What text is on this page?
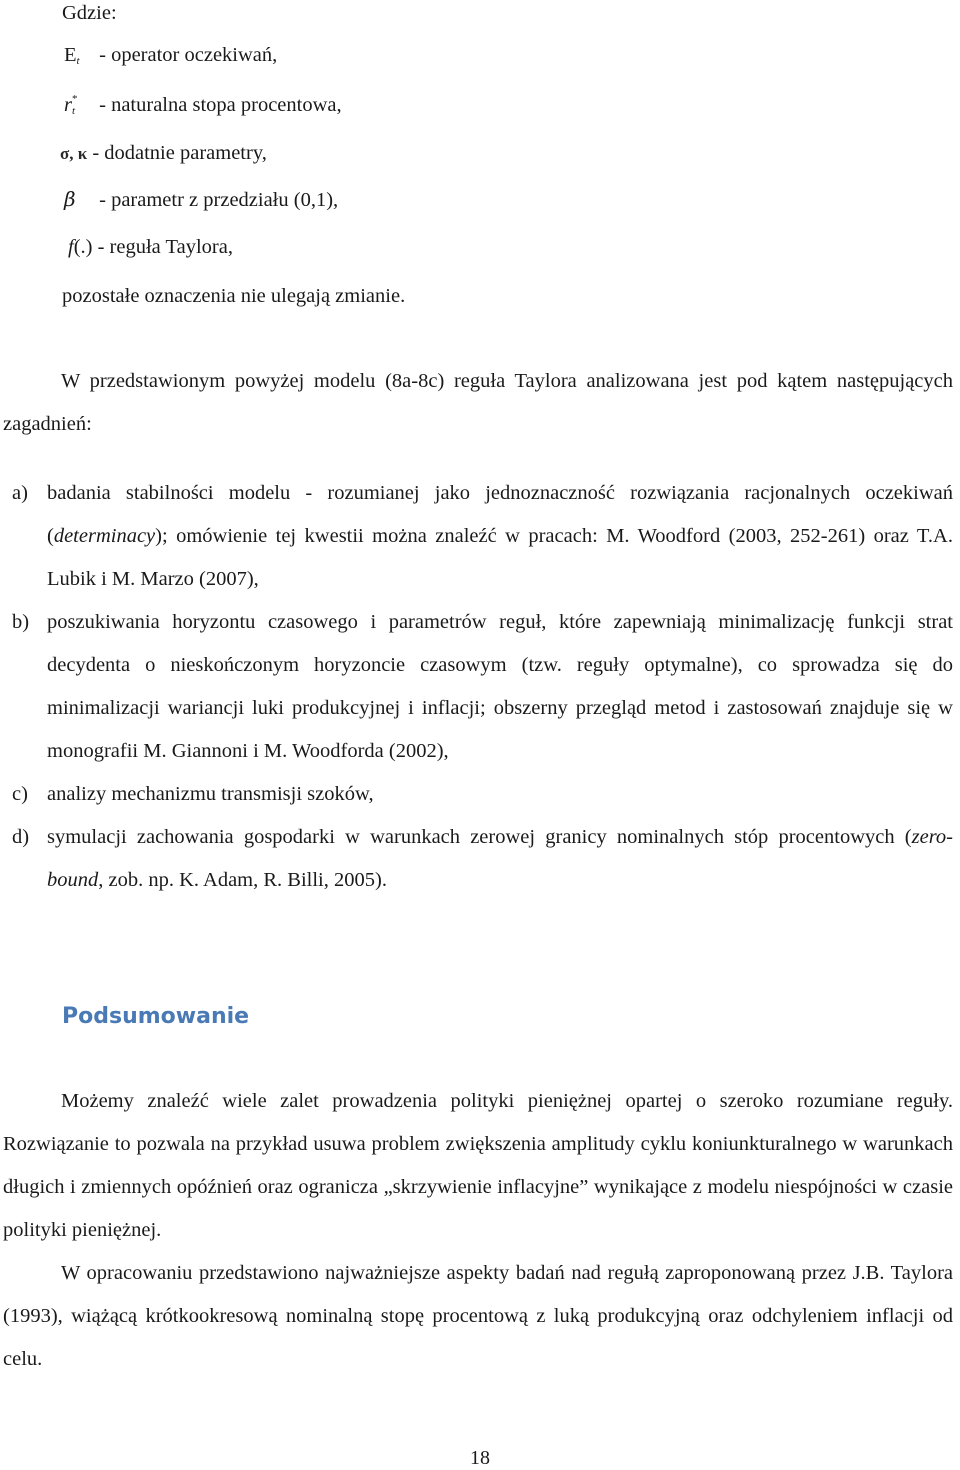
Gdzie:
E t - operator oczekiwań,
r *
t - naturalna stopa procentowa,
σ, κ - dodatnie parametry,
β - parametr z przedziału (0,1),
f(.) - reguła Taylora,
pozostałe oznaczenia nie ulegają zmianie.

W przedstawionym powyżej modelu (8a-8c) reguła Taylora analizowana jest pod kątem następujących zagadnień:

a) badania stabilności modelu - rozumianej jako jednoznaczność rozwiązania racjonalnych oczekiwań (determinacy); omówienie tej kwestii można znaleźć w pracach: M. Woodford (2003, 252-261) oraz T.A. Lubik i M. Marzo (2007),
b) poszukiwania horyzontu czasowego i parametrów reguł, które zapewniają minimalizację funkcji strat decydenta o nieskończonym horyzoncie czasowym (tzw. reguły optymalne), co sprowadza się do minimalizacji wariancji luki produkcyjnej i inflacji; obszerny przegląd metod i zastosowań znajduje się w monografii M. Giannoni i M. Woodforda (2002),
c) analizy mechanizmu transmisji szoków,
d) symulacji zachowania gospodarki w warunkach zerowej granicy nominalnych stóp procentowych (zero-bound, zob. np. K. Adam, R. Billi, 2005).
Podsumowanie

Możemy znaleźć wiele zalet prowadzenia polityki pieniężnej opartej o szeroko rozumiane reguły. Rozwiązanie to pozwala na przykład usuwa problem zwiększenia amplitudy cyklu koniunkturalnego w warunkach długich i zmiennych opóźnień oraz ogranicza „skrzywienie inflacyjne” wynikające z modelu niespójności w czasie polityki pieniężnej.

W opracowaniu przedstawiono najważniejsze aspekty badań nad regułą zaproponowaną przez J.B. Taylora (1993), wiążącą krótkookresową nominalną stopę procentową z luką produkcyjną oraz odchyleniem inflacji od celu.

18
